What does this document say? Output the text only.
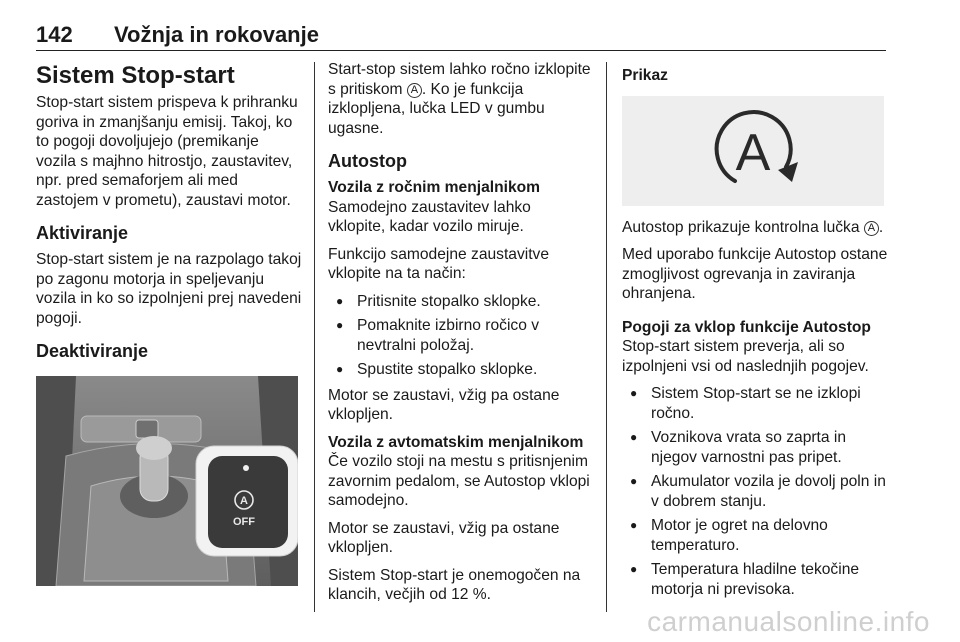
142 Vožnja in rokovanje
Sistem Stop-start

Stop-start sistem prispeva k prihranku goriva in zmanjšanju emisij. Takoj, ko to pogoji dovoljujejo (premikanje vozila s majhno hitrostjo, zaustavitev, npr. pred semaforjem ali med zastojem v prometu), zaustavi motor.

Aktiviranje

Stop-start sistem je na razpolago takoj po zagonu motorja in speljevanju vozila in ko so izpolnjeni prej navedeni pogoji.

Deaktiviranje
A
OFF

Start-stop sistem lahko ročno izklopite s pritiskom A . Ko je funkcija izklopljena, lučka LED v gumbu ugasne.

Autostop
Vozila z ročnim menjalnikom

Samodejno zaustavitev lahko vklopite, kadar vozilo miruje.

Funkcijo samodejne zaustavitve vklopite na ta način:

● Pritisnite stopalko sklopke.
● Pomaknite izbirno ročico v nevtralni položaj.
● Spustite stopalko sklopke.

Motor se zaustavi, vžig pa ostane vklopljen.

Vozila z avtomatskim menjalnikom

Če vozilo stoji na mestu s pritisnjenim zavornim pedalom, se Autostop vklopi samodejno.

Motor se zaustavi, vžig pa ostane vklopljen.

Sistem Stop-start je onemogočen na klancih, večjih od 12 %.

Prikaz
A

Autostop prikazuje kontrolna lučka A .

Med uporabo funkcije Autostop ostane zmogljivost ogrevanja in zaviranja ohranjena.

Pogoji za vklop funkcije Autostop

Stop-start sistem preverja, ali so izpolnjeni vsi od naslednjih pogojev.

● Sistem Stop-start se ne izklopi ročno.
● Voznikova vrata so zaprta in njegov varnostni pas pripet.
● Akumulator vozila je dovolj poln in v dobrem stanju.
● Motor je ogret na delovno temperaturo.
● Temperatura hladilne tekočine motorja ni previsoka.
carmanualsonline.info
